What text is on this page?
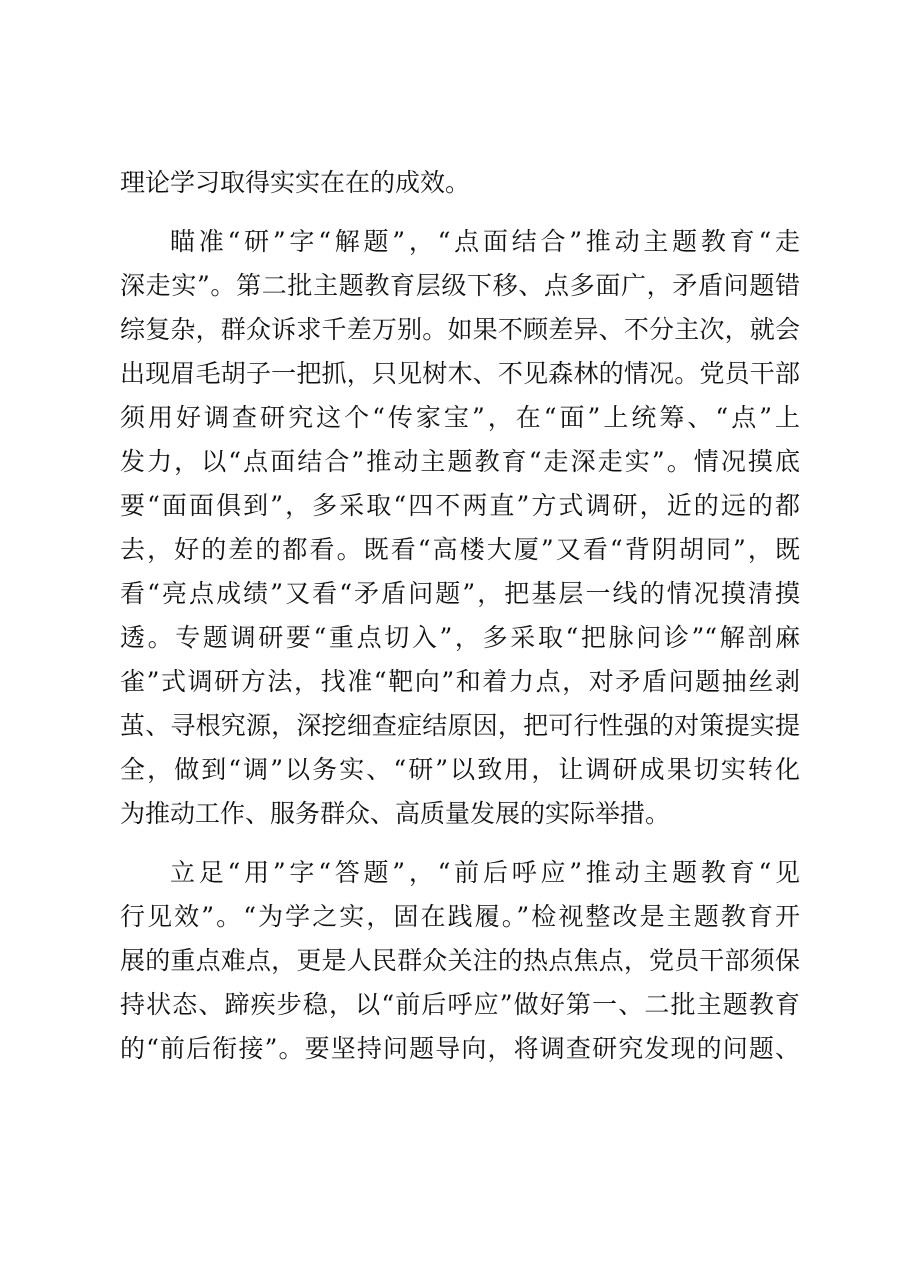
理论学习取得实实在在的成效。
瞄准“研”字“解题”，“点面结合”推动主题教育“走
深走实”。第二批主题教育层级下移、点多面广，矛盾问题错
综复杂，群众诉求千差万别。如果不顾差异、不分主次，就会
出现眉毛胡子一把抓，只见树木、不见森林的情况。党员干部
须用好调查研究这个“传家宝”，在“面”上统筹、“点”上
发力，以“点面结合”推动主题教育“走深走实”。情况摸底
要“面面俱到”，多采取“四不两直”方式调研，近的远的都
去，好的差的都看。既看“高楼大厦”又看“背阴胡同”，既
看“亮点成绩”又看“矛盾问题”，把基层一线的情况摸清摸
透。专题调研要“重点切入”，多采取“把脉问诊”“解剖麻
雀”式调研方法，找准“靶向”和着力点，对矛盾问题抽丝剥
茧、寻根究源，深挖细查症结原因，把可行性强的对策提实提
全，做到“调”以务实、“研”以致用，让调研成果切实转化
为推动工作、服务群众、高质量发展的实际举措。
立足“用”字“答题”，“前后呼应”推动主题教育“见
行见效”。“为学之实，固在践履。”检视整改是主题教育开
展的重点难点，更是人民群众关注的热点焦点，党员干部须保
持状态、蹄疾步稳，以“前后呼应”做好第一、二批主题教育
的“前后衔接”。要坚持问题导向，将调查研究发现的问题、
